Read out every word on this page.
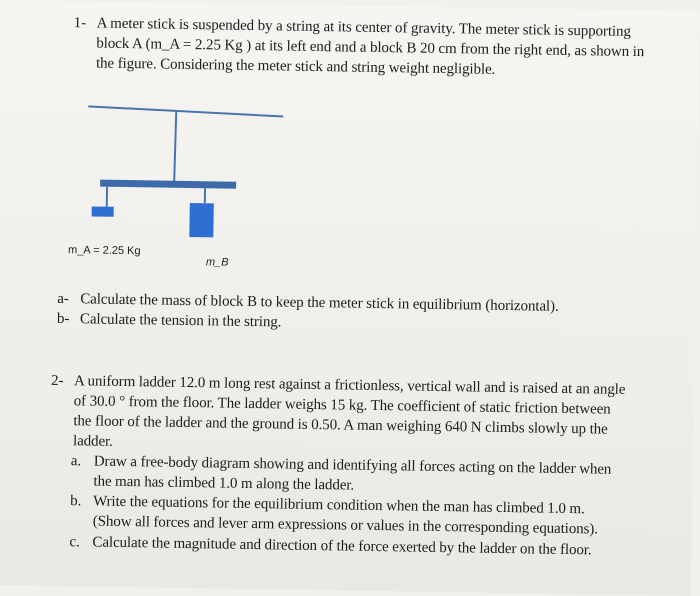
1- A meter stick is suspended by a string at its center of gravity. The meter stick is supporting
block A (m_A = 2.25 Kg ) at its left end and a block B 20 cm from the right end, as shown in
the figure. Considering the meter stick and string weight negligible.
m_A = 2.25 Kg
m_B
a- Calculate the mass of block B to keep the meter stick in equilibrium (horizontal).
b- Calculate the tension in the string.
2- A uniform ladder 12.0 m long rest against a frictionless, vertical wall and is raised at an angle
of 30.0 ° from the floor. The ladder weighs 15 kg. The coefficient of static friction between
the floor of the ladder and the ground is 0.50. A man weighing 640 N climbs slowly up the
ladder.
a. Draw a free-body diagram showing and identifying all forces acting on the ladder when
the man has climbed 1.0 m along the ladder.
b. Write the equations for the equilibrium condition when the man has climbed 1.0 m.
(Show all forces and lever arm expressions or values in the corresponding equations).
c. Calculate the magnitude and direction of the force exerted by the ladder on the floor.
